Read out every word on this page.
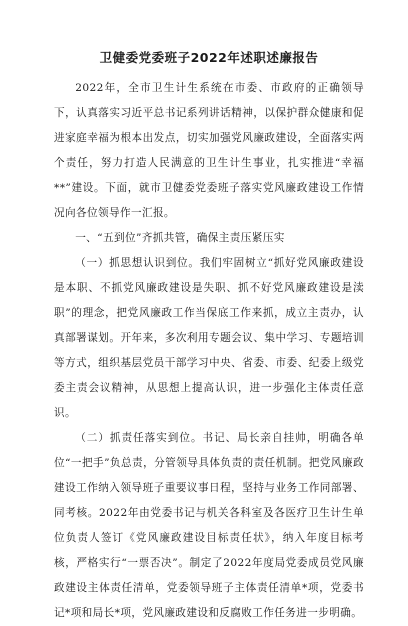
卫健委党委班子2022年述职述廉报告

2022年，全市卫生计生系统在市委、市政府的正确领导下，认真落实习近平总书记系列讲话精神，以保护群众健康和促进家庭幸福为根本出发点，切实加强党风廉政建设，全面落实两个责任，努力打造人民满意的卫生计生事业，扎实推进“幸福**”建设。下面，就市卫健委党委班子落实党风廉政建设工作情况向各位领导作一汇报。

一、“五到位”齐抓共管，确保主责压紧压实

（一）抓思想认识到位。我们牢固树立“抓好党风廉政建设是本职、不抓党风廉政建设是失职、抓不好党风廉政建设是渎职”的理念，把党风廉政工作当保底工作来抓，成立主责办，认真部署谋划。开年来，多次利用专题会议、集中学习、专题培训等方式，组织基层党员干部学习中央、省委、市委、纪委上级党委主责会议精神，从思想上提高认识，进一步强化主体责任意识。

（二）抓责任落实到位。书记、局长亲自挂帅，明确各单位“一把手”负总责，分管领导具体负责的责任机制。把党风廉政建设工作纳入领导班子重要议事日程，坚持与业务工作同部署、同考核。2022年由党委书记与机关各科室及各医疗卫生计生单位负责人签订《党风廉政建设目标责任状》，纳入年度目标考核，严格实行“一票否决”。制定了2022年度局党委成员党风廉政建设主体责任清单，党委领导班子主体责任清单*项，党委书记*项和局长*项，党风廉政建设和反腐败工作任务进一步明确。
